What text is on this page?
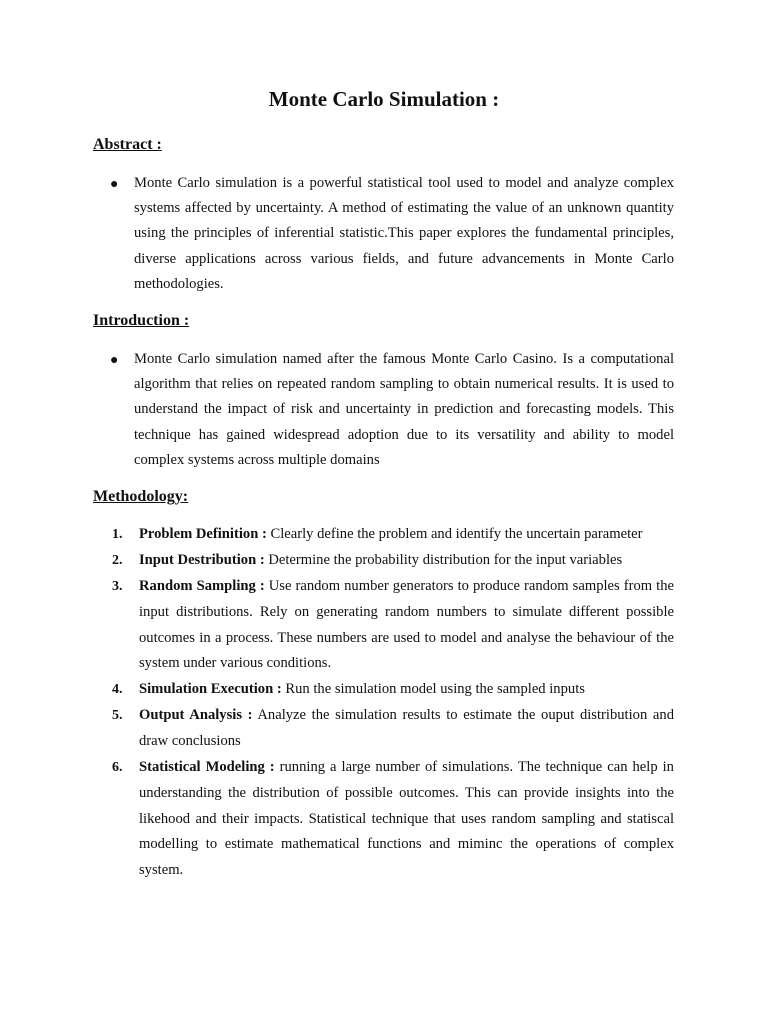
Monte Carlo Simulation :
Abstract :
●	Monte Carlo simulation is a powerful statistical tool used to model and analyze complex systems affected by uncertainty. A method of estimating the value of an unknown quantity using the principles of inferential statistic.This paper explores the fundamental principles, diverse applications across various fields, and future advancements in Monte Carlo methodologies.

Introduction :
●	Monte Carlo simulation named after the famous Monte Carlo Casino. Is a computational algorithm that relies on repeated random sampling to obtain numerical results. It is used to understand the impact of risk and uncertainty in prediction and forecasting models. This technique has gained widespread adoption due to its versatility and ability to model complex systems across multiple domains

Methodology:
1.	Problem Definition : Clearly define the problem and identify the uncertain parameter

2.	Input Destribution : Determine the probability distribution for the input variables

3.	Random Sampling : Use random number generators to produce random samples from the input distributions. Rely on generating random numbers to simulate different possible outcomes in a process. These numbers are used to model and analyse the behaviour of the system under various conditions.

4.	Simulation Execution : Run the simulation model using the sampled inputs

5.	Output Analysis : Analyze the simulation results to estimate the ouput distribution and draw conclusions

6.	Statistical Modeling : running a large number of simulations. The technique can help in understanding the distribution of possible outcomes. This can provide insights into the likehood and their impacts. Statistical technique that uses random sampling and statiscal modelling to estimate mathematical functions and miminc the operations of complex system.
